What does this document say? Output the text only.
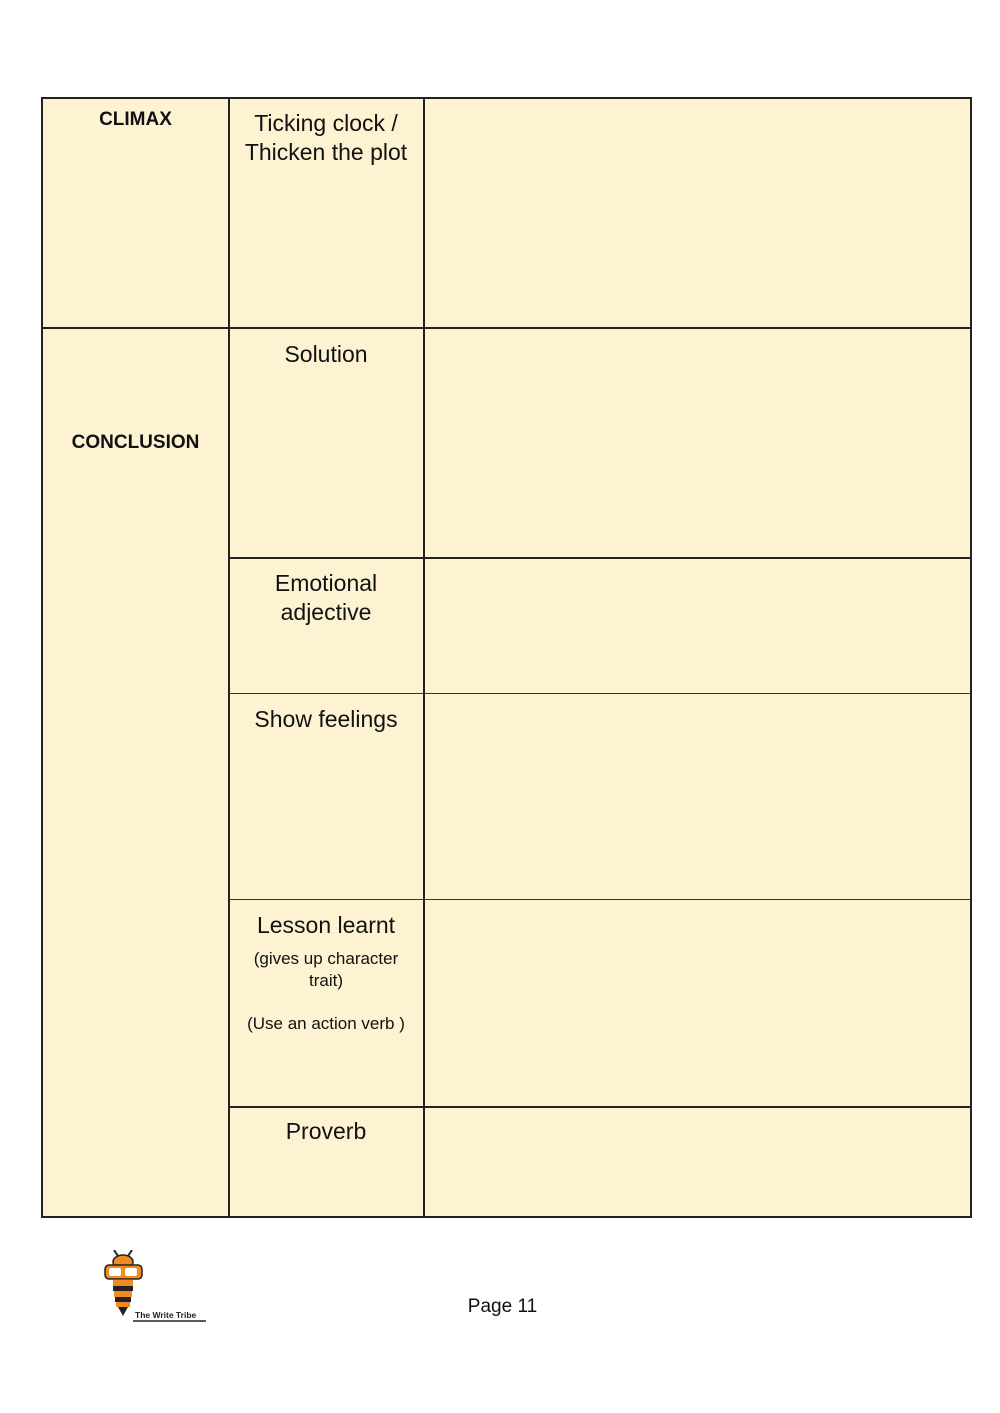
CLIMAX
CONCLUSION
Ticking clock /
Thicken the plot
Solution
Emotional
adjective
Show feelings
Lesson learnt
(gives up character
trait)
(Use an action verb )
Proverb
The Write Tribe	Page 11
